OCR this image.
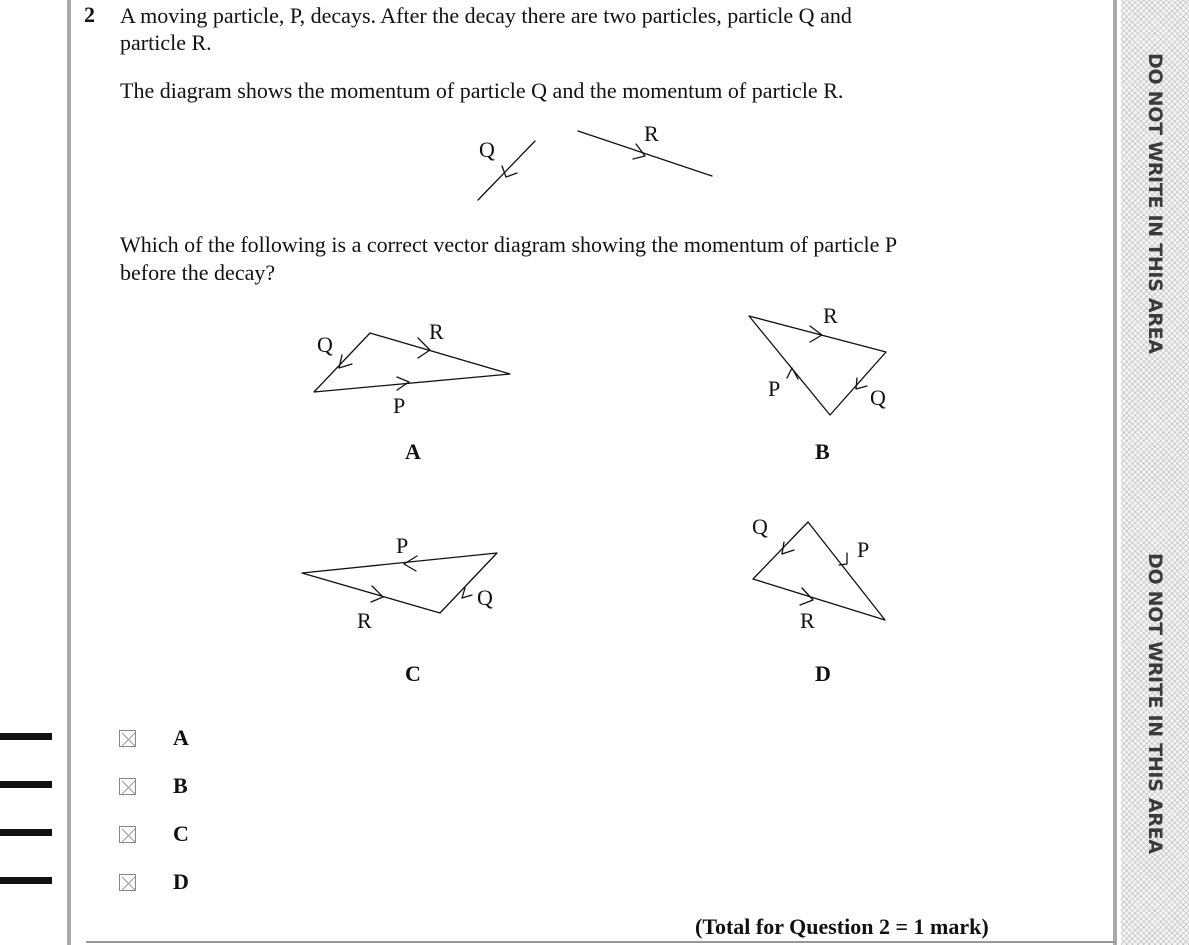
DO NOT WRITE IN THIS AREA
DO NOT WRITE IN THIS AREA
2 A moving particle, P, decays. After the decay there are two particles, particle Q and
particle R.
The diagram shows the momentum of particle Q and the momentum of particle R.
Which of the following is a correct vector diagram showing the momentum of particle P
before the decay?
Q
R
Q
R
P
R
P	Q
P
Q
R
Q
P
R
A	B
C	D
A
B
C
D
(Total for Question 2 = 1 mark)
